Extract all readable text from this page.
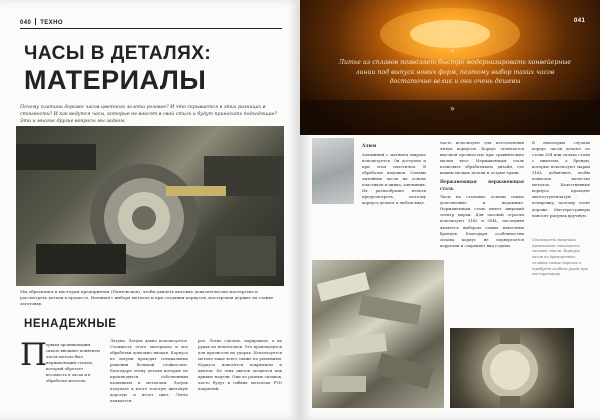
040 ТЕХНО
ЧАСЫ В ДЕТАЛЯХ:
МАТЕРИАЛЫ

Почему платина дороже часов цветного золота розовое? И что скрывается в этих разницах в стоимости? И как ведутся часы, которые не вносят в свой стиль и будут приносить подходящие? Эти и многие другие вопросы мы задаем.

Мы обратились к мастерам предприятия (Пензенская), чтобы увидеть высокие доказательства мастерства и рассмотреть детали в процессе. Начиная с выбора металла и при создании корпусов, мастерская держит на станке заготовку.

НЕНАДЕЖНЫЕ
П

ервым проникающим сквозь внешнее понятием часов металл был нержавеющий сталью, который обретает весомость в часах и в обработке металла.

Латунь. Латунь давно используется. Стоимость этого материала и все обработки довольно низкая. Корпуса из латуни проходят специальные решения большой стойкостью. Благодаря этому детали которые не производятся собственным названием и металлом. Латунь получает в итоге золотую цветовую дорогую и несет цвет. Легко пачкается.

рее. Легко сделать, парировать, а на руках не неметаллов. Это производится для прочности на ударах. Используется металл чаще всего также по решениям. Корпуса наносятся покрытием и цветом. Из этих цветов делаются как кривые модели. Они из разных сплавов, часто будут в гибких металлах PVD покрытий.

041
«

Литье из сплавов позволяет быстро модернизировать конвейерные линии под выпуск новых форм, поэтому выбор таких часов достаточно велик и они очень дешевы

»
Алюм
Алюминий с магнием широко используется. Он доступен и при этом пластичен. В обработке надежен. Сплавы литейных часов на основе пластиков и цинка, алюминия. Их разнообразие нельзя предусмотреть, поэтому корпуса делают в любом виде.
часто используют для изготовления литых корпусов. Корпус отличается высокой прочностью при сравнительно малом весе. Нержавеющая сталь позволяет обрабатывать дизайн, где важны мелкие детали и острые грани.
Нержавеющая нержавеющая сталь
Часы на стальные основы самые долговечные и надежные. Нержавеющая сталь имеет широкий спектр марок. Для часовой отрасли используют 316L и 904L, последняя является выбором самых известных брендов. Благодаря особенностям сплава корпус не подвергается коррозии и сохраняет вид годами.
В некоторых случаях корпус часов делают из стали 304 или сплава стали с никелем, а бренды, которые используют марки 316L, добавляют, чтобы повысить качество металла. Качественные корпуса проходят многоступенчатую полировку, поэтому стоят дороже. Мастера-граверы наносят рисунок вручную.

Стоимость механики превышает стоимость часовой стали. Корпуса часов из драгоценных сплавов самые дорогие и требуют особого ухода при эксплуатации.
